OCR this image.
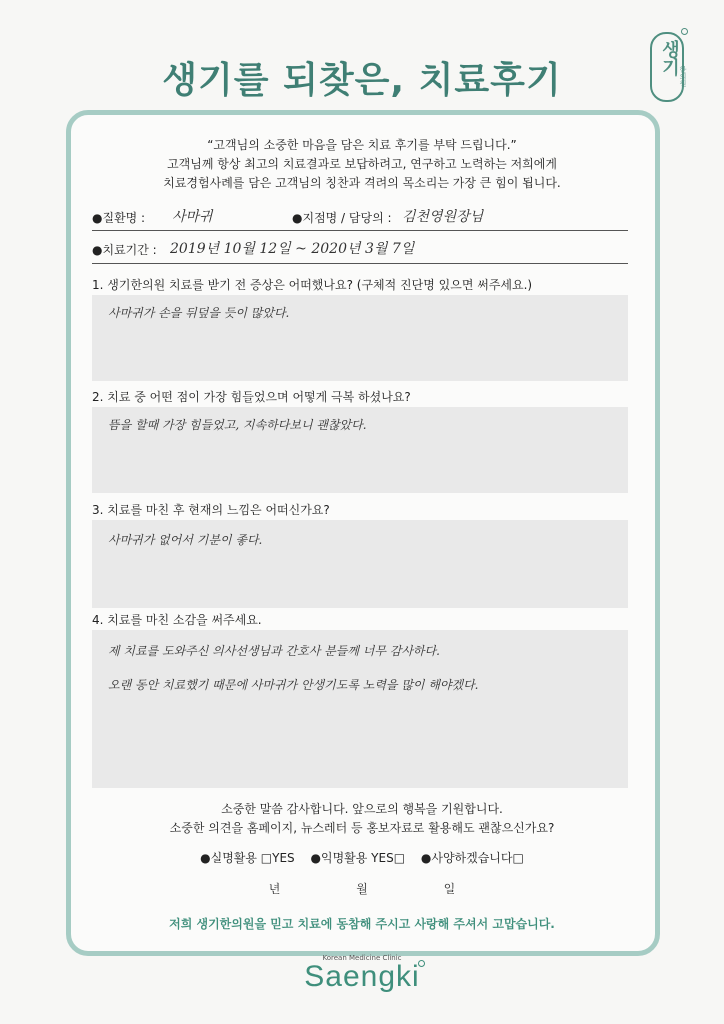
생기를 되찾은, 치료후기
생기
한의원
“고객님의 소중한 마음을 담은 치료 후기를 부탁 드립니다.”
고객님께 항상 최고의 치료결과로 보답하려고, 연구하고 노력하는 저희에게
치료경험사례를 담은 고객님의 칭찬과 격려의 목소리는 가장 큰 힘이 됩니다.
●질환명 : 사마귀	●지점명 / 담당의 : 김천영원장님
●치료기간 : 2019년 10월 12일 ~ 2020년 3월 7일
1. 생기한의원 치료를 받기 전 증상은 어떠했나요? (구체적 진단명 있으면 써주세요.)
사마귀가 손을 뒤덮을 듯이 많았다.
2. 치료 중 어떤 점이 가장 힘들었으며 어떻게 극복 하셨나요?
뜸을 할때 가장 힘들었고, 지속하다보니 괜찮았다.
3. 치료를 마친 후 현재의 느낌은 어떠신가요?
사마귀가 없어서 기분이 좋다.
4. 치료를 마친 소감을 써주세요.
제 치료를 도와주신 의사선생님과 간호사 분들께 너무 감사하다.
오랜 동안 치료했기 때문에 사마귀가 안생기도록 노력을 많이 해야겠다.
소중한 말씀 감사합니다. 앞으로의 행복을 기원합니다.
소중한 의견을 홈페이지, 뉴스레터 등 홍보자료로 활용해도 괜찮으신가요?
●실명활용 □YES ●익명활용 YES□ ●사양하겠습니다□
년	월	일
저희 생기한의원을 믿고 치료에 동참해 주시고 사랑해 주셔서 고맙습니다.
Korean Medicine Clinic
Saengki
